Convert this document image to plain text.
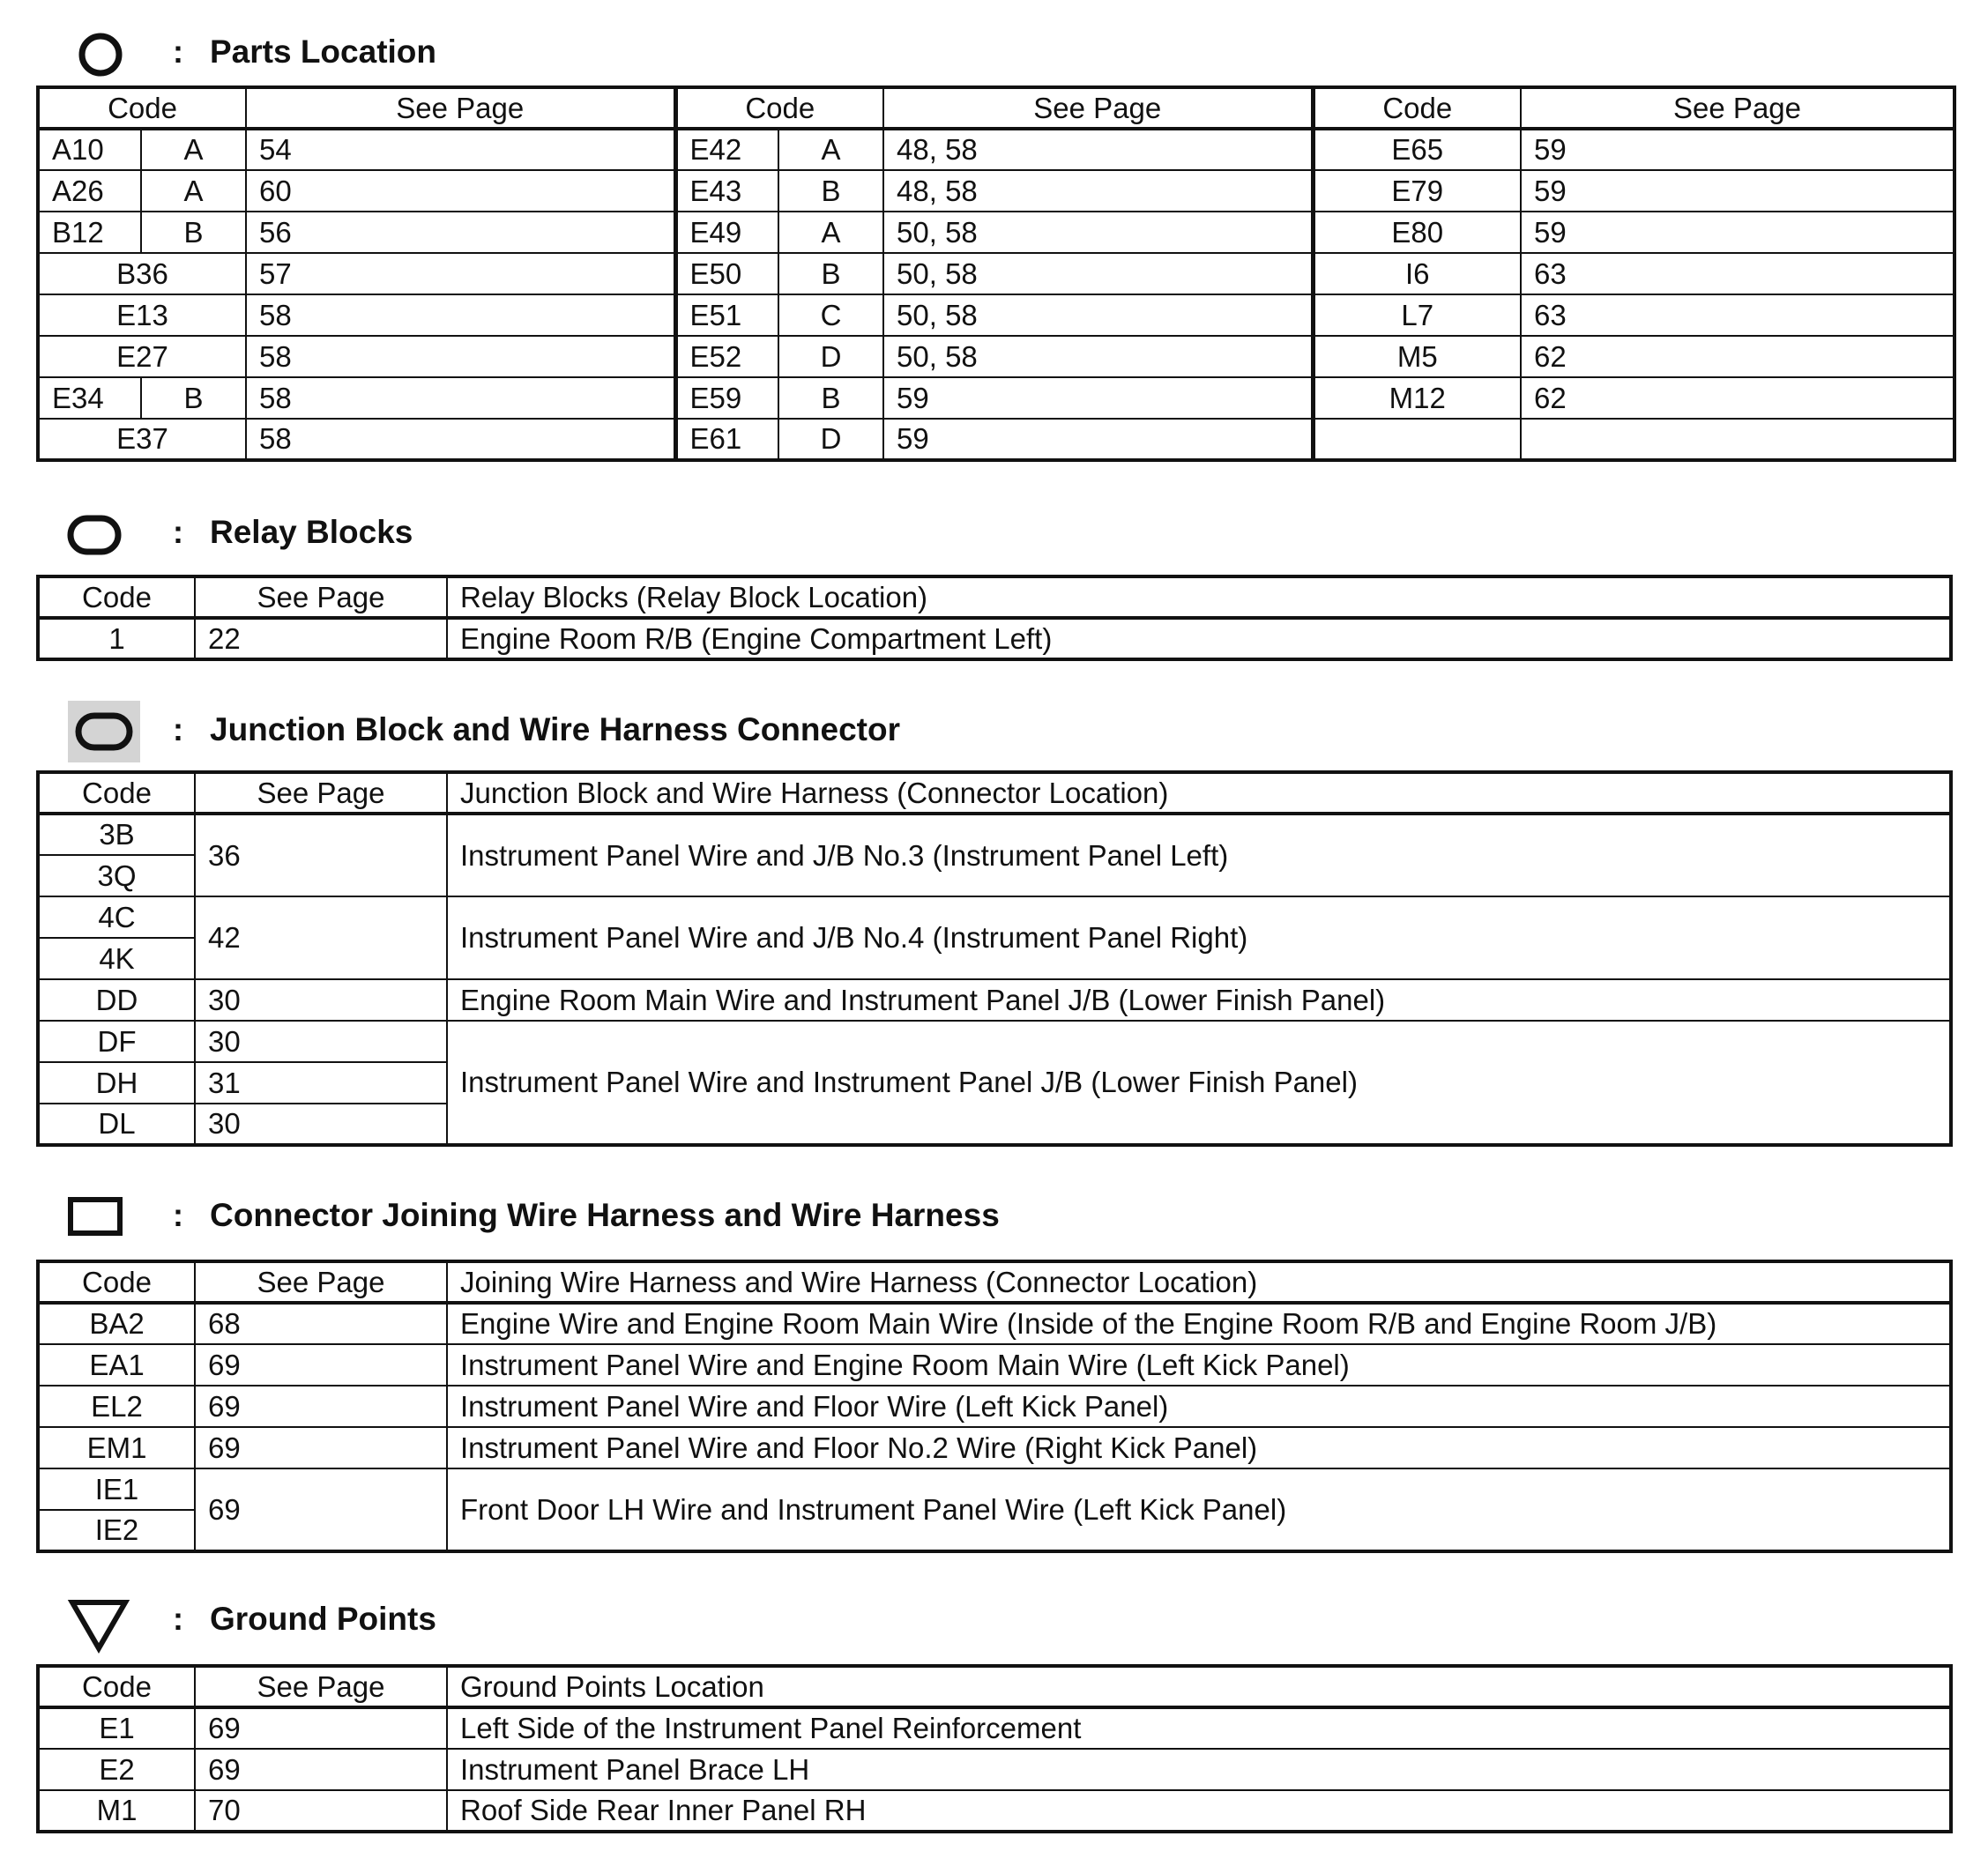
: Parts Location
Code		See Page	Code		See Page	Code	See Page
A10	A	54	E42	A	48, 58	E65	59
A26	A	60	E43	B	48, 58	E79	59
B12	B	56	E49	A	50, 58	E80	59
B36		57	E50	B	50, 58	I6	63
E13		58	E51	C	50, 58	L7	63
E27		58	E52	D	50, 58	M5	62
E34	B	58	E59	B	59	M12	62
E37		58	E61	D	59		
: Relay Blocks
Code	See Page	Relay Blocks (Relay Block Location)
1	22	Engine Room R/B (Engine Compartment Left)
: Junction Block and Wire Harness Connector
Code	See Page	Junction Block and Wire Harness (Connector Location)
3B	36	Instrument Panel Wire and J/B No.3 (Instrument Panel Left)
3Q		
4C	42	Instrument Panel Wire and J/B No.4 (Instrument Panel Right)
4K		
DD	30	Engine Room Main Wire and Instrument Panel J/B (Lower Finish Panel)
DF	30	Instrument Panel Wire and Instrument Panel J/B (Lower Finish Panel)
DH	31	
DL	30	
: Connector Joining Wire Harness and Wire Harness
Code	See Page	Joining Wire Harness and Wire Harness (Connector Location)
BA2	68	Engine Wire and Engine Room Main Wire (Inside of the Engine Room R/B and Engine Room J/B)
EA1	69	Instrument Panel Wire and Engine Room Main Wire (Left Kick Panel)
EL2	69	Instrument Panel Wire and Floor Wire (Left Kick Panel)
EM1	69	Instrument Panel Wire and Floor No.2 Wire (Right Kick Panel)
IE1	69	Front Door LH Wire and Instrument Panel Wire (Left Kick Panel)
IE2		
: Ground Points
Code	See Page	Ground Points Location
E1	69	Left Side of the Instrument Panel Reinforcement
E2	69	Instrument Panel Brace LH
M1	70	Roof Side Rear Inner Panel RH
